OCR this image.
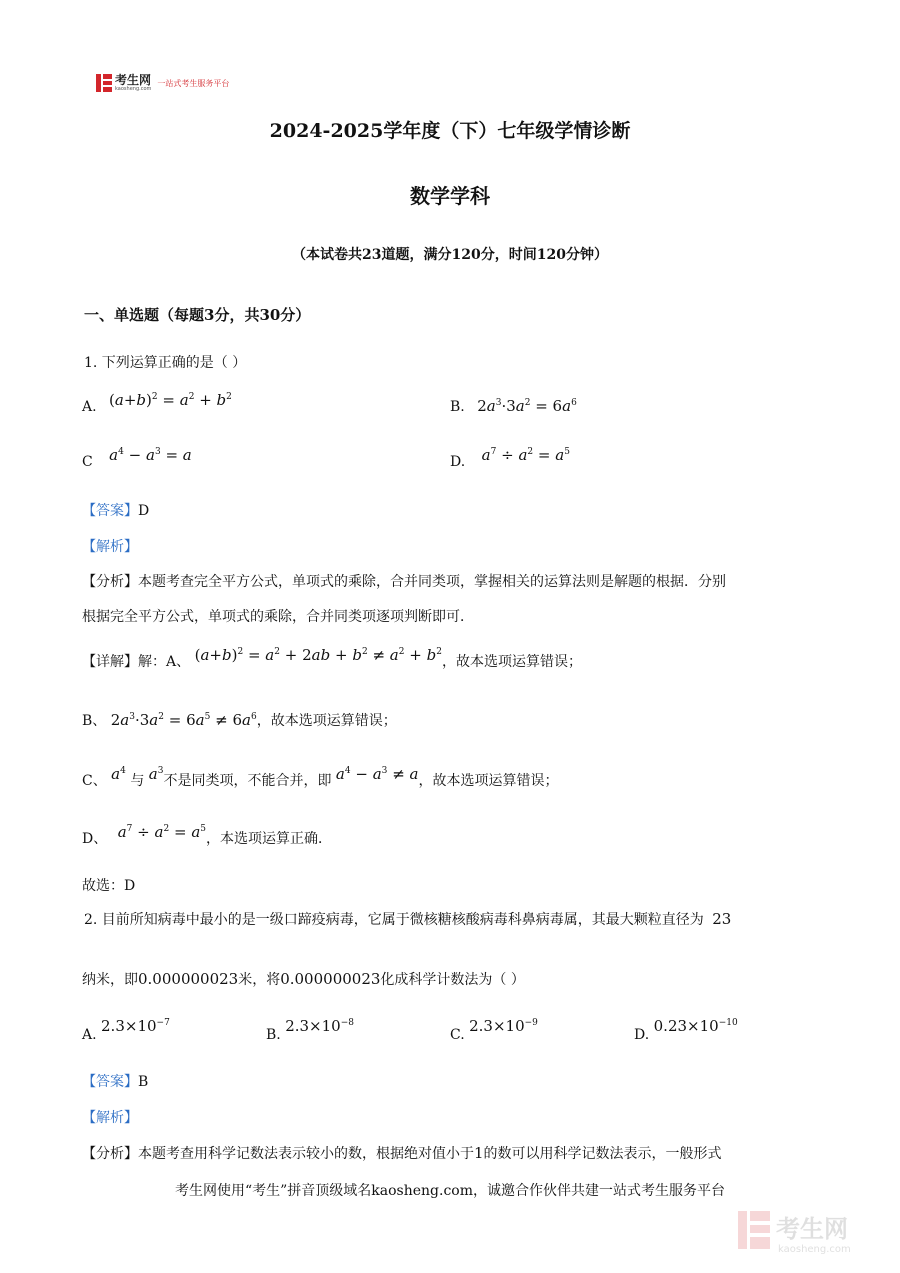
考生网
kaosheng.com
一站式考生服务平台
2024-2025学年度（下）七年级学情诊断
数学学科
（本试卷共23道题，满分120分，时间120分钟）
一、单选题（每题3分，共30分）
1. 下列运算正确的是（ ）
A. $(a+b)^2 = a^2 + b^2$
B. $2a^3\cdot 3a^2 = 6a^6$
C $a^4 - a^3 = a$	D. $a^7 \div a^2 = a^5$
【答案】D
【解析】
【分析】本题考查完全平方公式，单项式的乘除，合并同类项，掌握相关的运算法则是解题的根据．分别
根据完全平方公式，单项式的乘除，合并同类项逐项判断即可．
【详解】解：A、 $(a+b)^2 = a^2 + 2ab + b^2 \ne a^2 + b^2$，故本选项运算错误；
B、 $2a^3\cdot 3a^2 = 6a^5 \ne 6a^6$，故本选项运算错误；
C、 $a^4$ 与 $a^3$不是同类项，不能合并，即 $a^4 - a^3 \ne a$，故本选项运算错误；
D、 $a^7 \div a^2 = a^5$，本选项运算正确．
故选：D
2. 目前所知病毒中最小的是一级口蹄疫病毒，它属于微核糖核酸病毒科鼻病毒属，其最大颗粒直径为 23
纳米，即0.000000023米，将0.000000023化成科学计数法为（ ）
A. $2.3\times 10^{-7}$
B. $2.3\times 10^{-8}$
C. $2.3\times 10^{-9}$
D. $0.23\times 10^{-10}$
【答案】B
【解析】
【分析】本题考查用科学记数法表示较小的数，根据绝对值小于1的数可以用科学记数法表示，一般形式
考生网使用“考生”拼音顶级域名kaosheng.com，诚邀合作伙伴共建一站式考生服务平台
考生网
kaosheng.com
